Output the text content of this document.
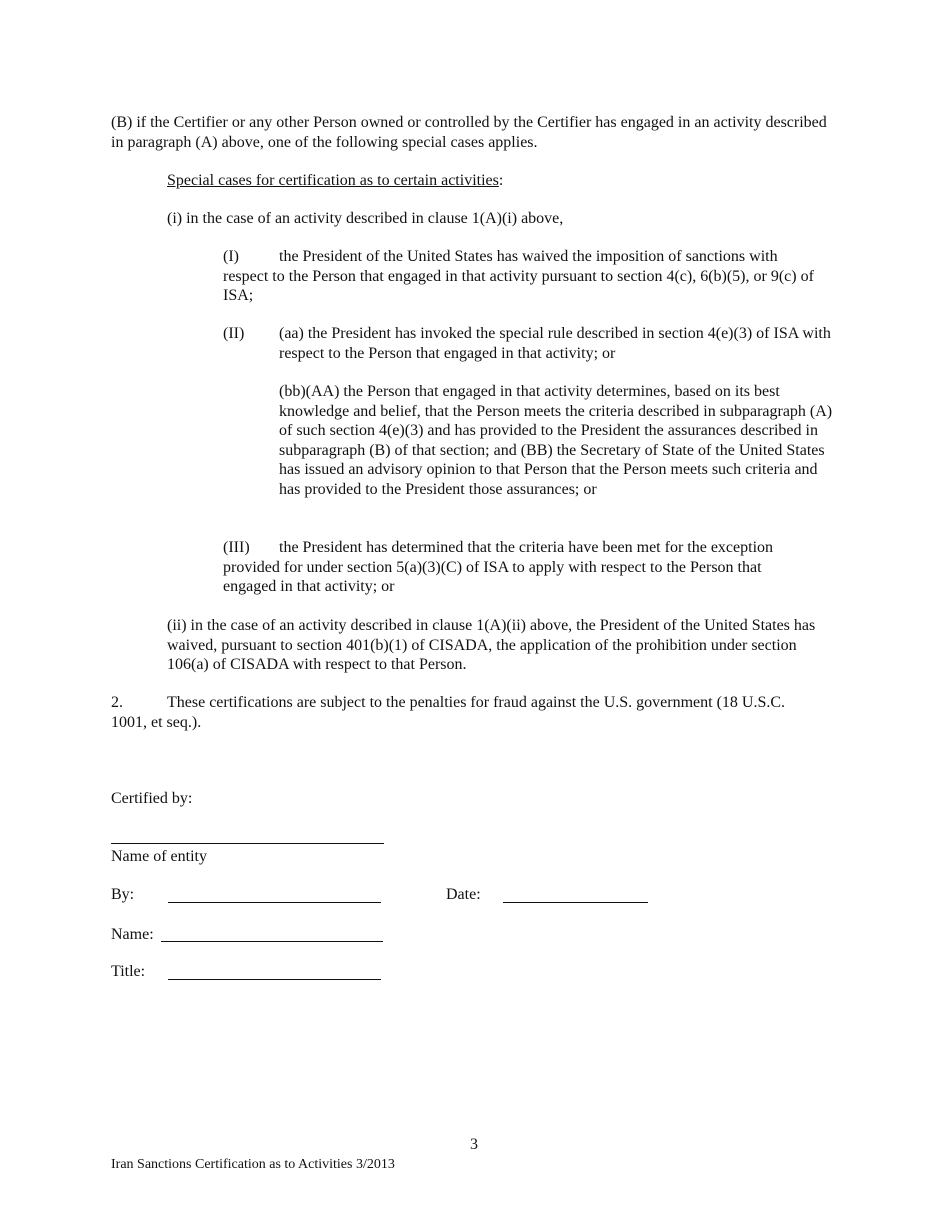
(B) if the Certifier or any other Person owned or controlled by the Certifier has engaged in an activity described in paragraph (A) above, one of the following special cases applies.

Special cases for certification as to certain activities:

(i) in the case of an activity described in clause 1(A)(i) above,

(I)	the President of the United States has waived the imposition of sanctions with

respect to the Person that engaged in that activity pursuant to section 4(c), 6(b)(5), or 9(c) of ISA;

(II) (aa) the President has invoked the special rule described in section 4(e)(3) of ISA with respect to the Person that engaged in that activity; or

(bb)(AA) the Person that engaged in that activity determines, based on its best knowledge and belief, that the Person meets the criteria described in subparagraph (A) of such section 4(e)(3) and has provided to the President the assurances described in subparagraph (B) of that section; and (BB) the Secretary of State of the United States has issued an advisory opinion to that Person that the Person meets such criteria and has provided to the President those assurances; or

(III) the President has determined that the criteria have been met for the exception

provided for under section 5(a)(3)(C) of ISA to apply with respect to the Person that engaged in that activity; or

(ii) in the case of an activity described in clause 1(A)(ii) above, the President of the United States has waived, pursuant to section 401(b)(1) of CISADA, the application of the prohibition under section 106(a) of CISADA with respect to that Person.

2.	These certifications are subject to the penalties for fraud against the U.S. government (18 U.S.C.

1001, et seq.).

Certified by:

Name of entity

By:	Date:
Name:
Title:
3
Iran Sanctions Certification as to Activities 3/2013
